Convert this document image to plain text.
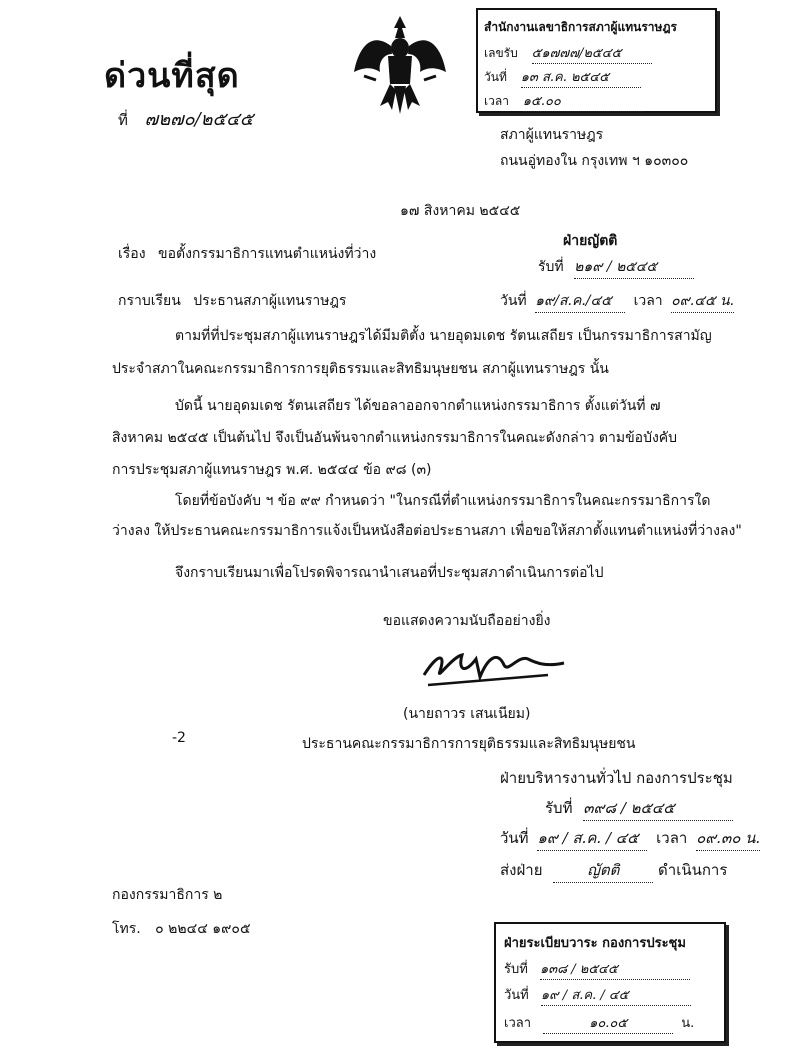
ด่วนที่สุด
ที่ ๗๒๗๐/๒๕๔๕
สำนักงานเลขาธิการสภาผู้แทนราษฎร
เลขรับ ๕๑๗๗๗/๒๕๔๕
วันที่ ๑๓ ส.ค. ๒๕๔๕
เวลา ๑๕.๐๐
สภาผู้แทนราษฎร
ถนนอู่ทองใน กรุงเทพ ฯ ๑๐๓๐๐
๑๗ สิงหาคม ๒๕๔๕
ฝ่ายญัตติ
รับที่ ๒๑๙ / ๒๕๔๕
วันที่ ๑๙/ส.ค./๔๕ เวลา ๐๙.๔๕ น.
เรื่อง ขอตั้งกรรมาธิการแทนตำแหน่งที่ว่าง
กราบเรียน ประธานสภาผู้แทนราษฎร
ตามที่ที่ประชุมสภาผู้แทนราษฎรได้มีมติตั้ง นายอุดมเดช รัตนเสถียร เป็นกรรมาธิการสามัญ
ประจำสภาในคณะกรรมาธิการการยุติธรรมและสิทธิมนุษยชน สภาผู้แทนราษฎร นั้น
บัดนี้ นายอุดมเดช รัตนเสถียร ได้ขอลาออกจากตำแหน่งกรรมาธิการ ตั้งแต่วันที่ ๗
สิงหาคม ๒๕๔๕ เป็นต้นไป จึงเป็นอันพ้นจากตำแหน่งกรรมาธิการในคณะดังกล่าว ตามข้อบังคับ
การประชุมสภาผู้แทนราษฎร พ.ศ. ๒๕๔๔ ข้อ ๙๘ (๓)
โดยที่ข้อบังคับ ฯ ข้อ ๙๙ กำหนดว่า "ในกรณีที่ตำแหน่งกรรมาธิการในคณะกรรมาธิการใด
ว่างลง ให้ประธานคณะกรรมาธิการแจ้งเป็นหนังสือต่อประธานสภา เพื่อขอให้สภาตั้งแทนตำแหน่งที่ว่างลง"
จึงกราบเรียนมาเพื่อโปรดพิจารณานำเสนอที่ประชุมสภาดำเนินการต่อไป
ขอแสดงความนับถืออย่างยิ่ง
(นายถาวร เสนเนียม)
-2	ประธานคณะกรรมาธิการการยุติธรรมและสิทธิมนุษยชน
ฝ่ายบริหารงานทั่วไป กองการประชุม
รับที่ ๓๙๘ / ๒๕๔๕
วันที่ ๑๙ / ส.ค. / ๔๕ เวลา ๐๙.๓๐ น.
ส่งฝ่าย	ญัตติ	ดำเนินการ
กองกรรมาธิการ ๒
โทร. ๐ ๒๒๔๔ ๑๙๐๕
ฝ่ายระเบียบวาระ กองการประชุม
รับที่ ๑๓๘ / ๒๕๔๕
วันที่ ๑๙ / ส.ค. / ๔๕
เวลา	๑๐.๐๕	น.
